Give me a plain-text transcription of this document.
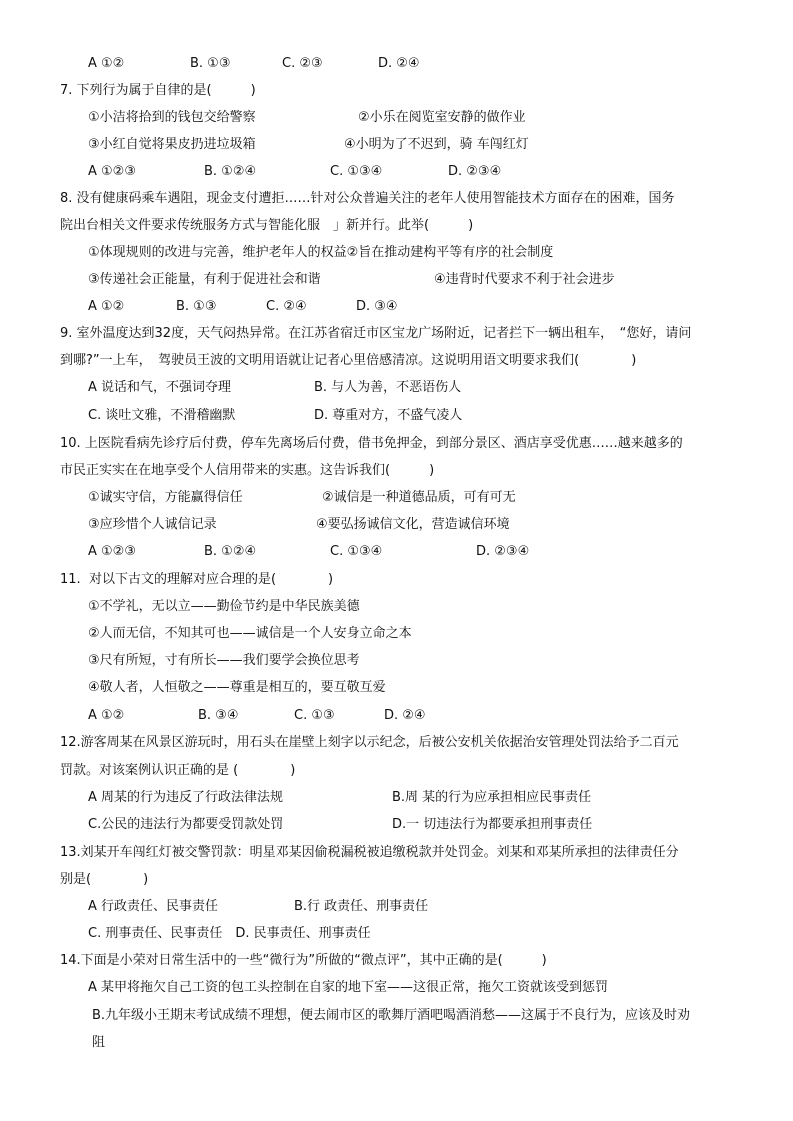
A ①②	B. ①③	C. ②③	D. ②④
7. 下列行为属于自律的是(　　　)
①小洁将拾到的钱包交给警察	②小乐在阅览室安静的做作业
③小红自觉将果皮扔进垃圾箱	④小明为了不迟到，骑 车闯红灯
A ①②③	B. ①②④	C. ①③④	D. ②③④
8. 没有健康码乘车遇阻，现金支付遭拒……针对公众普遍关注的老年人使用智能技术方面存在的困难，国务
院出台相关文件要求传统服务方式与智能化服　」新并行。此举(　　　)
①体现规则的改进与完善，维护老年人的权益②旨在推动建构平等有序的社会制度
③传递社会正能量，有利于促进社会和谐	④违背时代要求不利于社会进步
A ①②	B. ①③	C. ②④	D. ③④
9. 室外温度达到32度，天气闷热异常。在江苏省宿迁市区宝龙广场附近，记者拦下一辆出租车，　“您好，请问
到哪?”一上车，　驾驶员王波的文明用语就让记者心里倍感清凉。这说明用语文明要求我们(　　　　)
A 说话和气，不强词夺理	B. 与人为善，不恶语伤人
C. 谈吐文雅，不滑稽幽默	D. 尊重对方，不盛气凌人
10. 上医院看病先诊疗后付费，停车先离场后付费，借书免押金，到部分景区、酒店享受优惠……越来越多的
市民正实实在在地享受个人信用带来的实惠。这告诉我们(　　　)
①诚实守信，方能赢得信任	②诚信是一种道德品质，可有可无
③应珍惜个人诚信记录	④要弘扬诚信文化，营造诚信环境
A ①②③	B. ①②④	C. ①③④	D. ②③④
11.  对以下古文的理解对应合理的是(　　　　)
①不学礼，无以立——勤俭节约是中华民族美德
②人而无信，不知其可也——诚信是一个人安身立命之本
③尺有所短，寸有所长——我们要学会换位思考
④敬人者，人恒敬之——尊重是相互的，要互敬互爱
A ①②	B. ③④	C. ①③	D. ②④
12.游客周某在风景区游玩时，用石头在崖壁上刻字以示纪念，后被公安机关依据治安管理处罚法给予二百元
罚款。对该案例认识正确的是 (　　　　)
A 周某的行为违反了行政法律法规	B.周 某的行为应承担相应民事责任
C.公民的违法行为都要受罚款处罚	D.一 切违法行为都要承担刑事责任
13.刘某开车闯红灯被交警罚款：明星邓某因偷税漏税被追缴税款并处罚金。刘某和邓某所承担的法律责任分
别是(　　　　)
A 行政责任、民事责任	B.行 政责任、刑事责任
C. 刑事责任、民事责任　D. 民事责任、刑事责任
14.下面是小荣对日常生活中的一些“微行为”所做的“微点评”，其中正确的是(　　　)
A 某甲将拖欠自己工资的包工头控制在自家的地下室——这很正常，拖欠工资就该受到惩罚
B.九年级小王期末考试成绩不理想，便去闹市区的歌舞厅酒吧喝酒消愁——这属于不良行为，应该及时劝
阻
